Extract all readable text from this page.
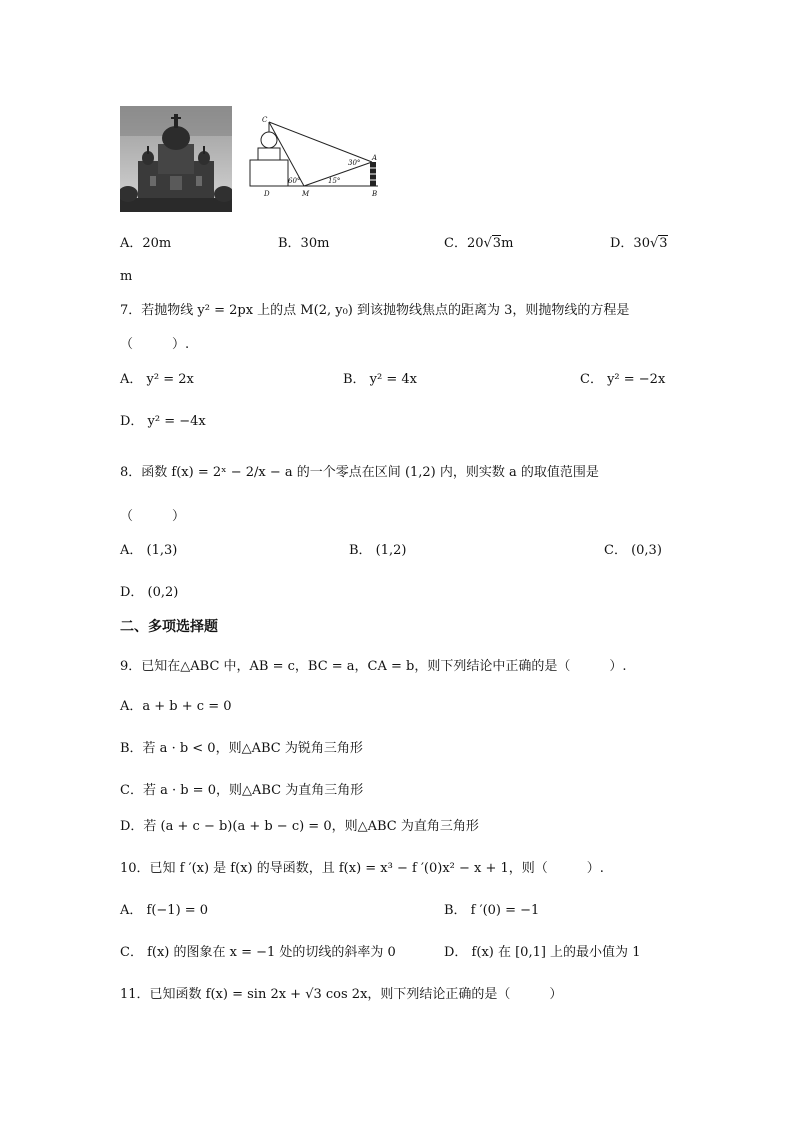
C
A
B
D	M
60°
30°
15°
A．20m	B．30m	C．20√3m	D．30√3
m
7．若抛物线 y² = 2px 上的点 M(2, y₀) 到该抛物线焦点的距离为 3，则抛物线的方程是
（　　　）.
A． y² = 2x	B． y² = 4x	C． y² = −2x
D． y² = −4x
8．函数 f(x) = 2ˣ − 2/x − a 的一个零点在区间 (1,2) 内，则实数 a 的取值范围是
（　　　）
A． (1,3)	B． (1,2)	C． (0,3)
D． (0,2)
二、多项选择题
9．已知在△ABC 中，AB = c，BC = a，CA = b，则下列结论中正确的是（　　　）.
A．a + b + c = 0
B．若 a · b < 0，则△ABC 为锐角三角形
C．若 a · b = 0，则△ABC 为直角三角形
D．若 (a + c − b)(a + b − c) = 0，则△ABC 为直角三角形
10．已知 f ′(x) 是 f(x) 的导函数，且 f(x) = x³ − f ′(0)x² − x + 1，则（　　　）.
A． f(−1) = 0	B． f ′(0) = −1
C． f(x) 的图象在 x = −1 处的切线的斜率为 0	D． f(x) 在 [0,1] 上的最小值为 1
11．已知函数 f(x) = sin 2x + √3 cos 2x，则下列结论正确的是（　　　）
